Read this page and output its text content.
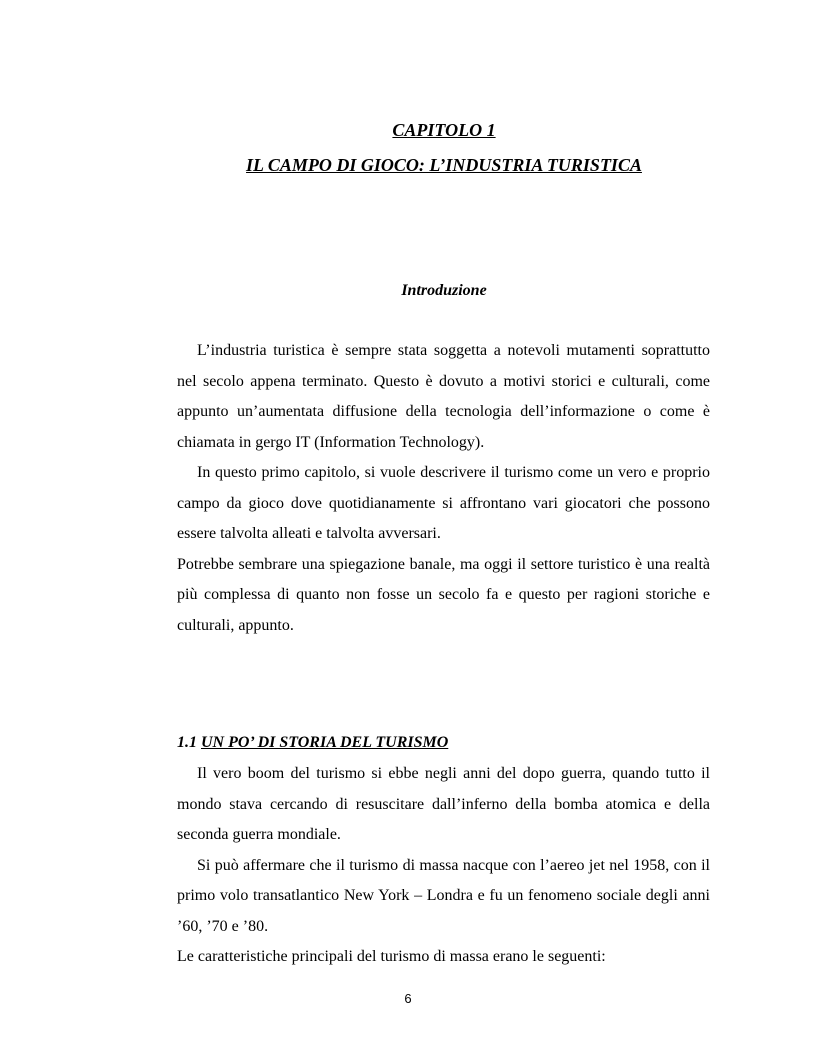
CAPITOLO 1
IL CAMPO DI GIOCO: L’INDUSTRIA TURISTICA
Introduzione

L’industria turistica è sempre stata soggetta a notevoli mutamenti soprattutto nel secolo appena terminato. Questo è dovuto a motivi storici e culturali, come appunto un’aumentata diffusione della tecnologia dell’informazione o come è chiamata in gergo IT (Information Technology).

In questo primo capitolo, si vuole descrivere il turismo come un vero e proprio campo da gioco dove quotidianamente si affrontano vari giocatori che possono essere talvolta alleati e talvolta avversari.

Potrebbe sembrare una spiegazione banale, ma oggi il settore turistico è una realtà più complessa di quanto non fosse un secolo fa e questo per ragioni storiche e culturali, appunto.

1.1 UN PO’ DI STORIA DEL TURISMO

Il vero boom del turismo si ebbe negli anni del dopo guerra, quando tutto il mondo stava cercando di resuscitare dall’inferno della bomba atomica e della seconda guerra mondiale.

Si può affermare che il turismo di massa nacque con l’aereo jet nel 1958, con il primo volo transatlantico New York – Londra e fu un fenomeno sociale degli anni ’60, ’70 e ’80.

Le caratteristiche principali del turismo di massa erano le seguenti:

6
